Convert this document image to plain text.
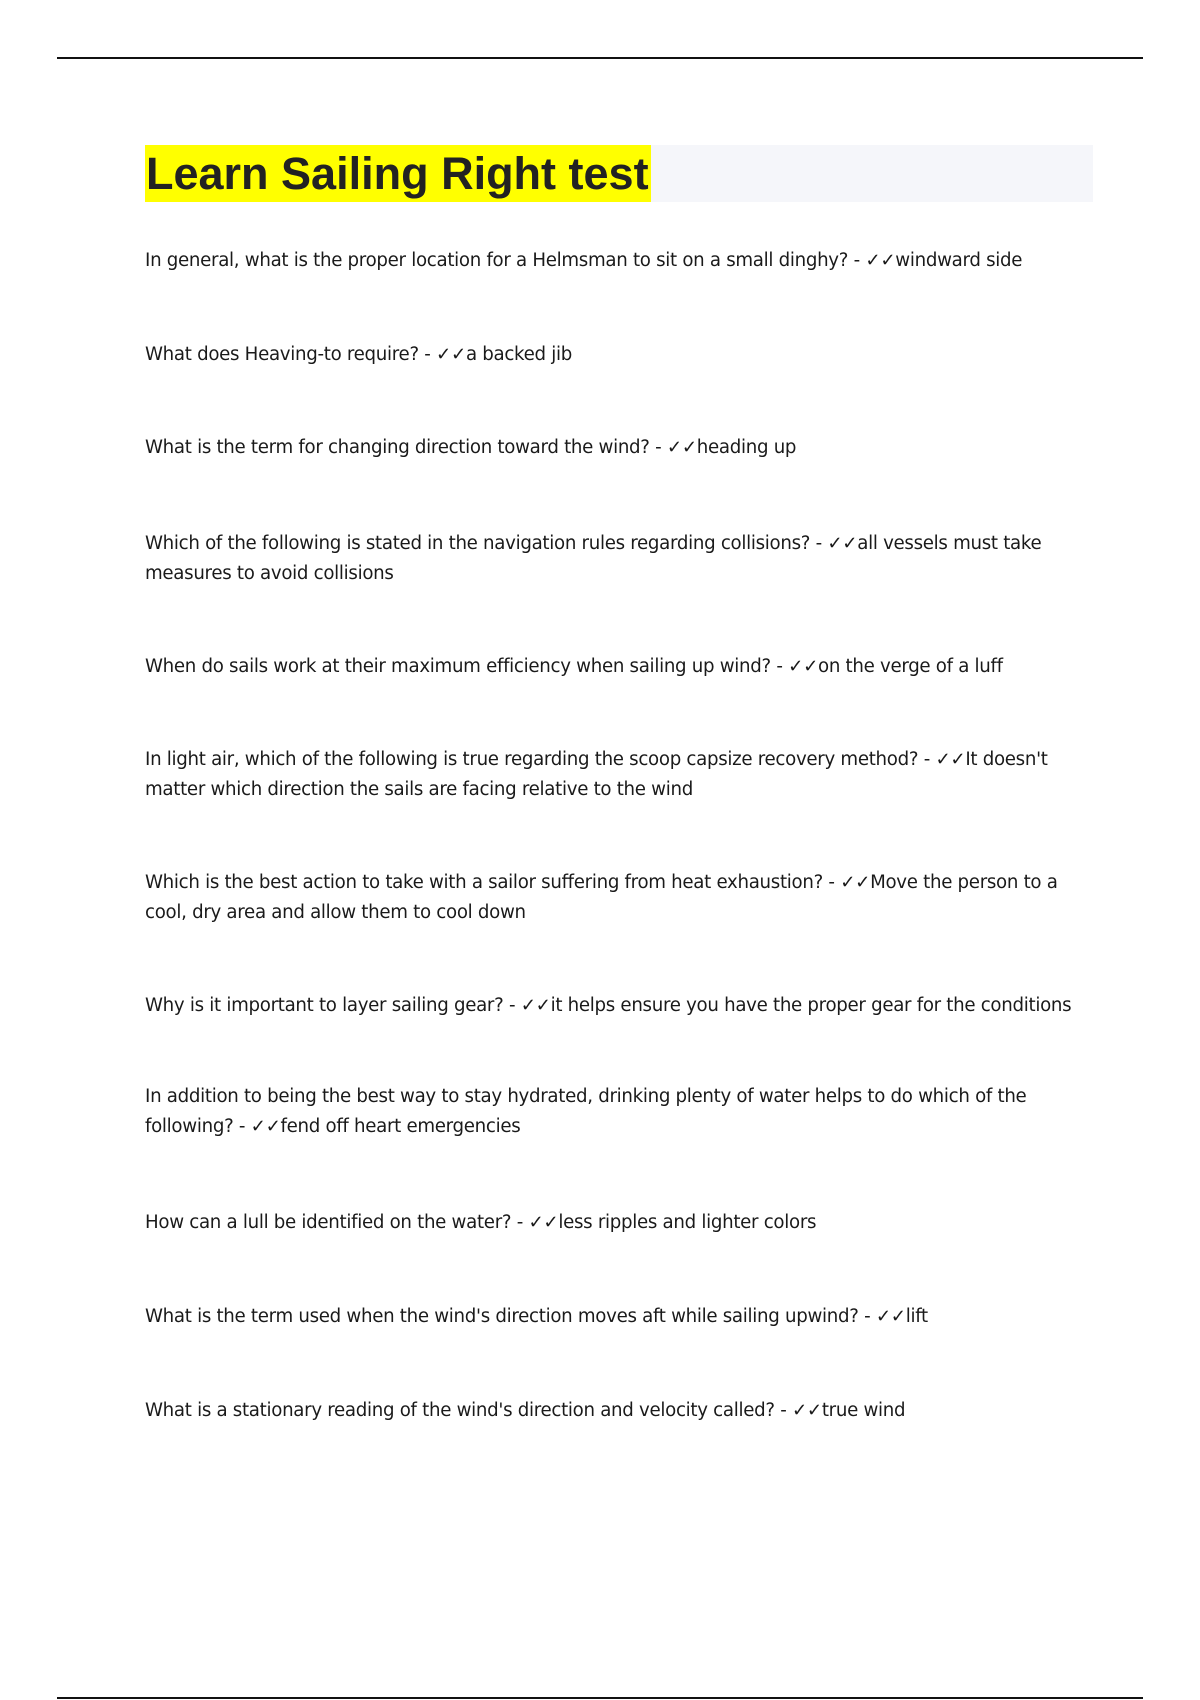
Learn Sailing Right test
In general, what is the proper location for a Helmsman to sit on a small dinghy? - ✓✓windward side
What does Heaving-to require? - ✓✓a backed jib
What is the term for changing direction toward the wind? - ✓✓heading up
Which of the following is stated in the navigation rules regarding collisions? - ✓✓all vessels must take measures to avoid collisions
When do sails work at their maximum efficiency when sailing up wind? - ✓✓on the verge of a luff
In light air, which of the following is true regarding the scoop capsize recovery method? - ✓✓It doesn't matter which direction the sails are facing relative to the wind
Which is the best action to take with a sailor suffering from heat exhaustion? - ✓✓Move the person to a cool, dry area and allow them to cool down
Why is it important to layer sailing gear? - ✓✓it helps ensure you have the proper gear for the conditions
In addition to being the best way to stay hydrated, drinking plenty of water helps to do which of the following? - ✓✓fend off heart emergencies
How can a lull be identified on the water? - ✓✓less ripples and lighter colors
What is the term used when the wind's direction moves aft while sailing upwind? - ✓✓lift
What is a stationary reading of the wind's direction and velocity called? - ✓✓true wind
